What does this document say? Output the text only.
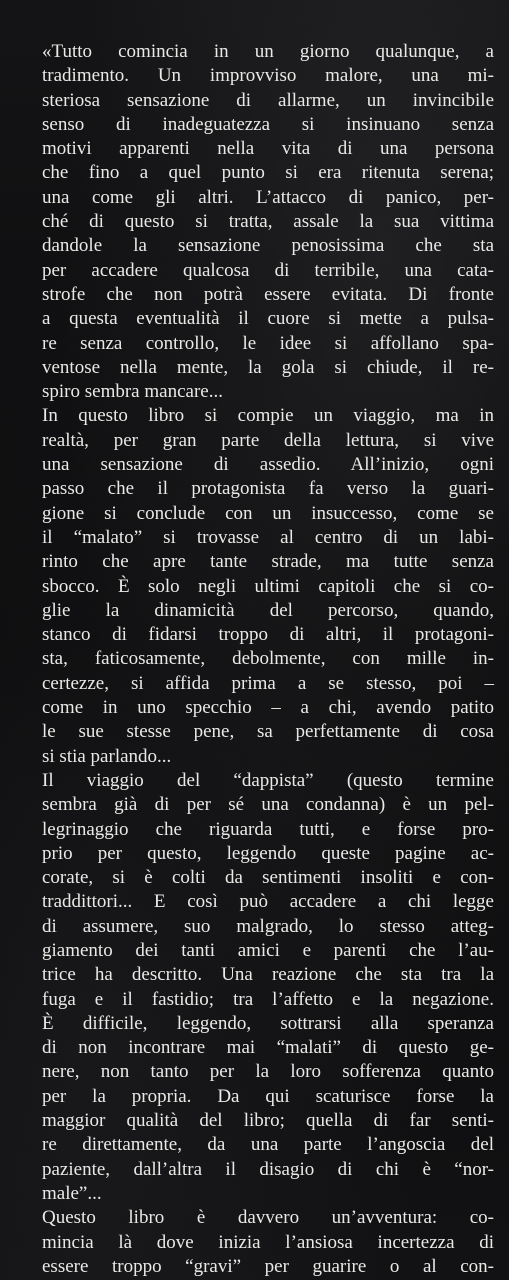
«Tutto comincia in un giorno qualunque, a
tradimento. Un improvviso malore, una mi-
steriosa sensazione di allarme, un invincibile
senso di inadeguatezza si insinuano senza
motivi apparenti nella vita di una persona
che fino a quel punto si era ritenuta serena;
una come gli altri. L’attacco di panico, per-
ché di questo si tratta, assale la sua vittima
dandole la sensazione penosissima che sta
per accadere qualcosa di terribile, una cata-
strofe che non potrà essere evitata. Di fronte
a questa eventualità il cuore si mette a pulsa-
re senza controllo, le idee si affollano spa-
ventose nella mente, la gola si chiude, il re-
spiro sembra mancare...
In questo libro si compie un viaggio, ma in
realtà, per gran parte della lettura, si vive
una sensazione di assedio. All’inizio, ogni
passo che il protagonista fa verso la guari-
gione si conclude con un insuccesso, come se
il “malato” si trovasse al centro di un labi-
rinto che apre tante strade, ma tutte senza
sbocco. È solo negli ultimi capitoli che si co-
glie la dinamicità del percorso, quando,
stanco di fidarsi troppo di altri, il protagoni-
sta, faticosamente, debolmente, con mille in-
certezze, si affida prima a se stesso, poi –
come in uno specchio – a chi, avendo patito
le sue stesse pene, sa perfettamente di cosa
si stia parlando...
Il viaggio del “dappista” (questo termine
sembra già di per sé una condanna) è un pel-
legrinaggio che riguarda tutti, e forse pro-
prio per questo, leggendo queste pagine ac-
corate, si è colti da sentimenti insoliti e con-
traddittori... E così può accadere a chi legge
di assumere, suo malgrado, lo stesso atteg-
giamento dei tanti amici e parenti che l’au-
trice ha descritto. Una reazione che sta tra la
fuga e il fastidio; tra l’affetto e la negazione.
È difficile, leggendo, sottrarsi alla speranza
di non incontrare mai “malati” di questo ge-
nere, non tanto per la loro sofferenza quanto
per la propria. Da qui scaturisce forse la
maggior qualità del libro; quella di far senti-
re direttamente, da una parte l’angoscia del
paziente, dall’altra il disagio di chi è “nor-
male”...
Questo libro è davvero un’avventura: co-
mincia là dove inizia l’ansiosa incertezza di
essere troppo “gravi” per guarire o al con-
